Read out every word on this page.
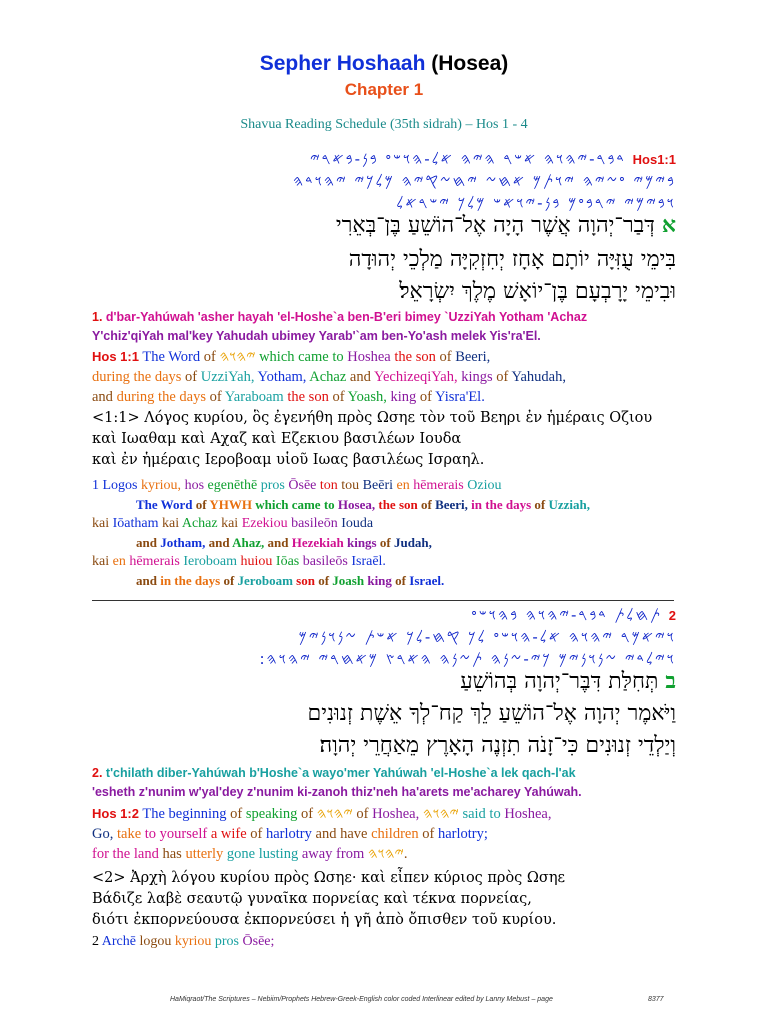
Sepher Hoshaah (Hosea)
Chapter 1
Shavua Reading Schedule (35th sidrah) – Hos 1 - 4
Hos1:1 𐤃𐤁𐤓-𐤉𐤄𐤅𐤄 𐤀𐤔𐤓 𐤄𐤉𐤄 𐤀𐤋-𐤄𐤅𐤔𐤏 𐤁𐤍-𐤁𐤀𐤓𐤉
𐤁𐤉𐤌𐤉 𐤏𐤆𐤉𐤄 𐤉𐤅𐤕𐤌 𐤀𐤇𐤆 𐤉𐤇𐤆𐤒𐤉𐤄 𐤌𐤋𐤊𐤉 𐤉𐤄𐤅𐤃𐤄
𐤅𐤁𐤉𐤌𐤉 𐤉𐤓𐤁𐤏𐤌 𐤁𐤍-𐤉𐤅𐤀𐤔 𐤌𐤋𐤊 𐤉𐤔𐤓𐤀𐤋
א דְּבַר־יְהוָה אֲשֶׁר הָיָה אֶל־הוֹשֵׁעַ בֶּן־בְּאֵרִי
בִּימֵי עֻזִּיָּה יוֹתָם אָחָז יְחִזְקִיָּה מַלְכֵי יְהוּדָה
וּבִימֵי יָרָבְעָם בֶּן־יוֹאָשׁ מֶלֶךְ יִשְׂרָאֵל׃
1. d'bar-Yahúwah 'asher hayah 'el-Hoshe`a ben-B'eri bimey `UzziYah Yotham 'Achaz
Y'chiz'qiYah mal'key Yahudah ubimey Yarab'`am ben-Yo'ash melek Yis'ra'El.
Hos 1:1 The Word of 𐤉𐤄𐤅𐤄 which came to Hoshea the son of Beeri,
during the days of UzziYah, Yotham, Achaz and YechizeqiYah, kings of Yahudah,
and during the days of Yaraboam the son of Yoash, king of Yisra'El.
<1:1> Λόγος κυρίου, ὃς ἐγενήθη πρὸς Ωσηε τὸν τοῦ Βεηρι ἐν ἡμέραις Οζιου
καὶ Ιωαθαμ καὶ Αχαζ καὶ Εζεκιου βασιλέων Ιουδα
καὶ ἐν ἡμέραις Ιεροβοαμ υἱοῦ Ιωας βασιλέως Ισραηλ.
1 Logos kyriou, hos egenēthē pros Ōsēe ton tou Beēri en hēmerais Oziou
The Word of YHWH which came to Hosea, the son of Beeri, in the days of Uzziah,
kai Iōatham kai Achaz kai Ezekiou basileōn Iouda
and Jotham, and Ahaz, and Hezekiah kings of Judah,
kai en hēmerais Ieroboam huiou Iōas basileōs Israēl.
and in the days of Jeroboam son of Joash king of Israel.
2 𐤕𐤇𐤋𐤕 𐤃𐤁𐤓-𐤉𐤄𐤅𐤄 𐤁𐤄𐤅𐤔𐤏
𐤅𐤉𐤀𐤌𐤓 𐤉𐤄𐤅𐤄 𐤀𐤋-𐤄𐤅𐤔𐤏 𐤋𐤊 𐤒𐤇-𐤋𐤊 𐤀𐤔𐤕 𐤆𐤍𐤅𐤍𐤉𐤌
𐤅𐤉𐤋𐤃𐤉 𐤆𐤍𐤅𐤍𐤉𐤌 𐤊𐤉-𐤆𐤍𐤄 𐤕𐤆𐤍𐤄 𐤄𐤀𐤓𐤑 𐤌𐤀𐤇𐤓𐤉 𐤉𐤄𐤅𐤄:
ב תְּחִלַּת דִּבֶּר־יְהוָה בְּהוֹשֵׁעַ
וַיֹּאמֶר יְהוָה אֶל־הוֹשֵׁעַ לֵךְ קַח־לְךָ אֵשֶׁת זְנוּנִים
וְיַלְדֵי זְנוּנִים כִּי־זָנֹה תִזְנֶה הָאָרֶץ מֵאַחֲרֵי יְהוָה׃
2. t'chilath diber-Yahúwah b'Hoshe`a wayo'mer Yahúwah 'el-Hoshe`a lek qach-l'ak
'esheth z'nunim w'yal'dey z'nunim ki-zanoh thiz'neh ha'arets me'acharey Yahúwah.
Hos 1:2 The beginning of speaking of 𐤉𐤄𐤅𐤄 of Hoshea, 𐤉𐤄𐤅𐤄 said to Hoshea,
Go, take to yourself a wife of harlotry and have children of harlotry;
for the land has utterly gone lusting away from 𐤉𐤄𐤅𐤄.
<2> Ἀρχὴ λόγου κυρίου πρὸς Ωσηε· καὶ εἶπεν κύριος πρὸς Ωσηε
Βάδιζε λαβὲ σεαυτῷ γυναῖκα πορνείας καὶ τέκνα πορνείας,
διότι ἐκπορνεύουσα ἐκπορνεύσει ἡ γῆ ἀπὸ ὄπισθεν τοῦ κυρίου.
2 Archē logou kyriou pros Ōsēe;
HaMiqraot/The Scriptures – Nebiim/Prophets Hebrew-Greek-English color coded Interlinear edited by Lanny Mebust – page	8377
